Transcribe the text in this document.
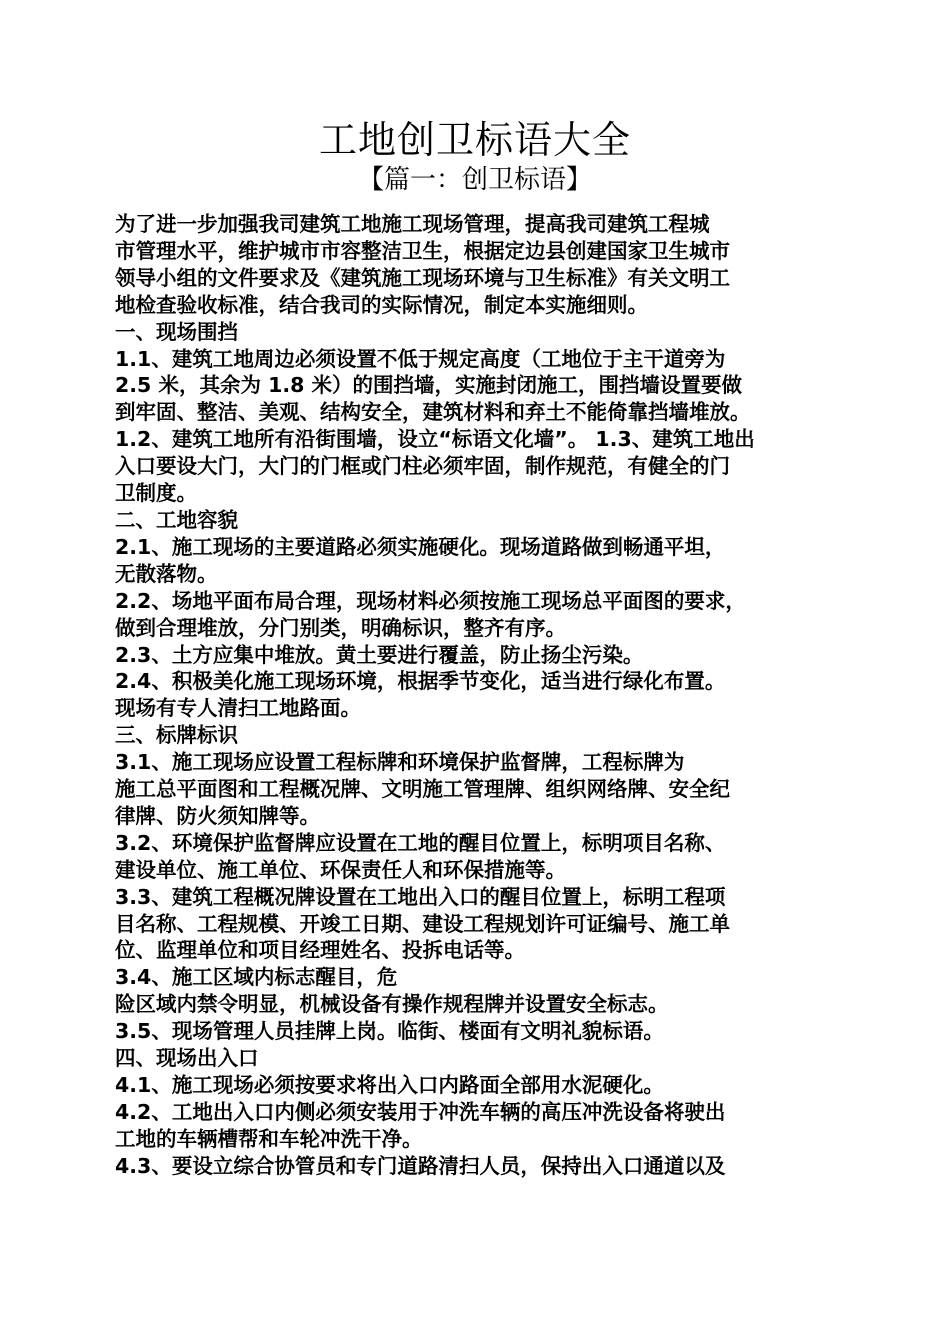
工地创卫标语大全
【篇一：创卫标语】

为了进一步加强我司建筑工地施工现场管理，提高我司建筑工程城

市管理水平，维护城市市容整洁卫生，根据定边县创建国家卫生城市

领导小组的文件要求及《建筑施工现场环境与卫生标准》有关文明工

地检查验收标准，结合我司的实际情况，制定本实施细则。

一、现场围挡

1.1、建筑工地周边必须设置不低于规定高度（工地位于主干道旁为

2.5 米，其余为 1.8 米）的围挡墙，实施封闭施工，围挡墙设置要做

到牢固、整洁、美观、结构安全，建筑材料和弃土不能倚靠挡墙堆放。

1.2、建筑工地所有沿街围墙，设立“标语文化墙”。 1.3、建筑工地出

入口要设大门，大门的门框或门柱必须牢固，制作规范，有健全的门

卫制度。

二、工地容貌

2.1、施工现场的主要道路必须实施硬化。现场道路做到畅通平坦，

无散落物。

2.2、场地平面布局合理，现场材料必须按施工现场总平面图的要求，

做到合理堆放，分门别类，明确标识，整齐有序。

2.3、土方应集中堆放。黄土要进行覆盖，防止扬尘污染。

2.4、积极美化施工现场环境，根据季节变化，适当进行绿化布置。

现场有专人清扫工地路面。

三、标牌标识

3.1、施工现场应设置工程标牌和环境保护监督牌，工程标牌为

施工总平面图和工程概况牌、文明施工管理牌、组织网络牌、安全纪

律牌、防火须知牌等。

3.2、环境保护监督牌应设置在工地的醒目位置上，标明项目名称、

建设单位、施工单位、环保责任人和环保措施等。

3.3、建筑工程概况牌设置在工地出入口的醒目位置上，标明工程项

目名称、工程规模、开竣工日期、建设工程规划许可证编号、施工单

位、监理单位和项目经理姓名、投拆电话等。

3.4、施工区域内标志醒目，危

险区域内禁令明显，机械设备有操作规程牌并设置安全标志。

3.5、现场管理人员挂牌上岗。临街、楼面有文明礼貌标语。

四、现场出入口

4.1、施工现场必须按要求将出入口内路面全部用水泥硬化。

4.2、工地出入口内侧必须安装用于冲洗车辆的高压冲洗设备将驶出

工地的车辆槽帮和车轮冲洗干净。

4.3、要设立综合协管员和专门道路清扫人员，保持出入口通道以及
